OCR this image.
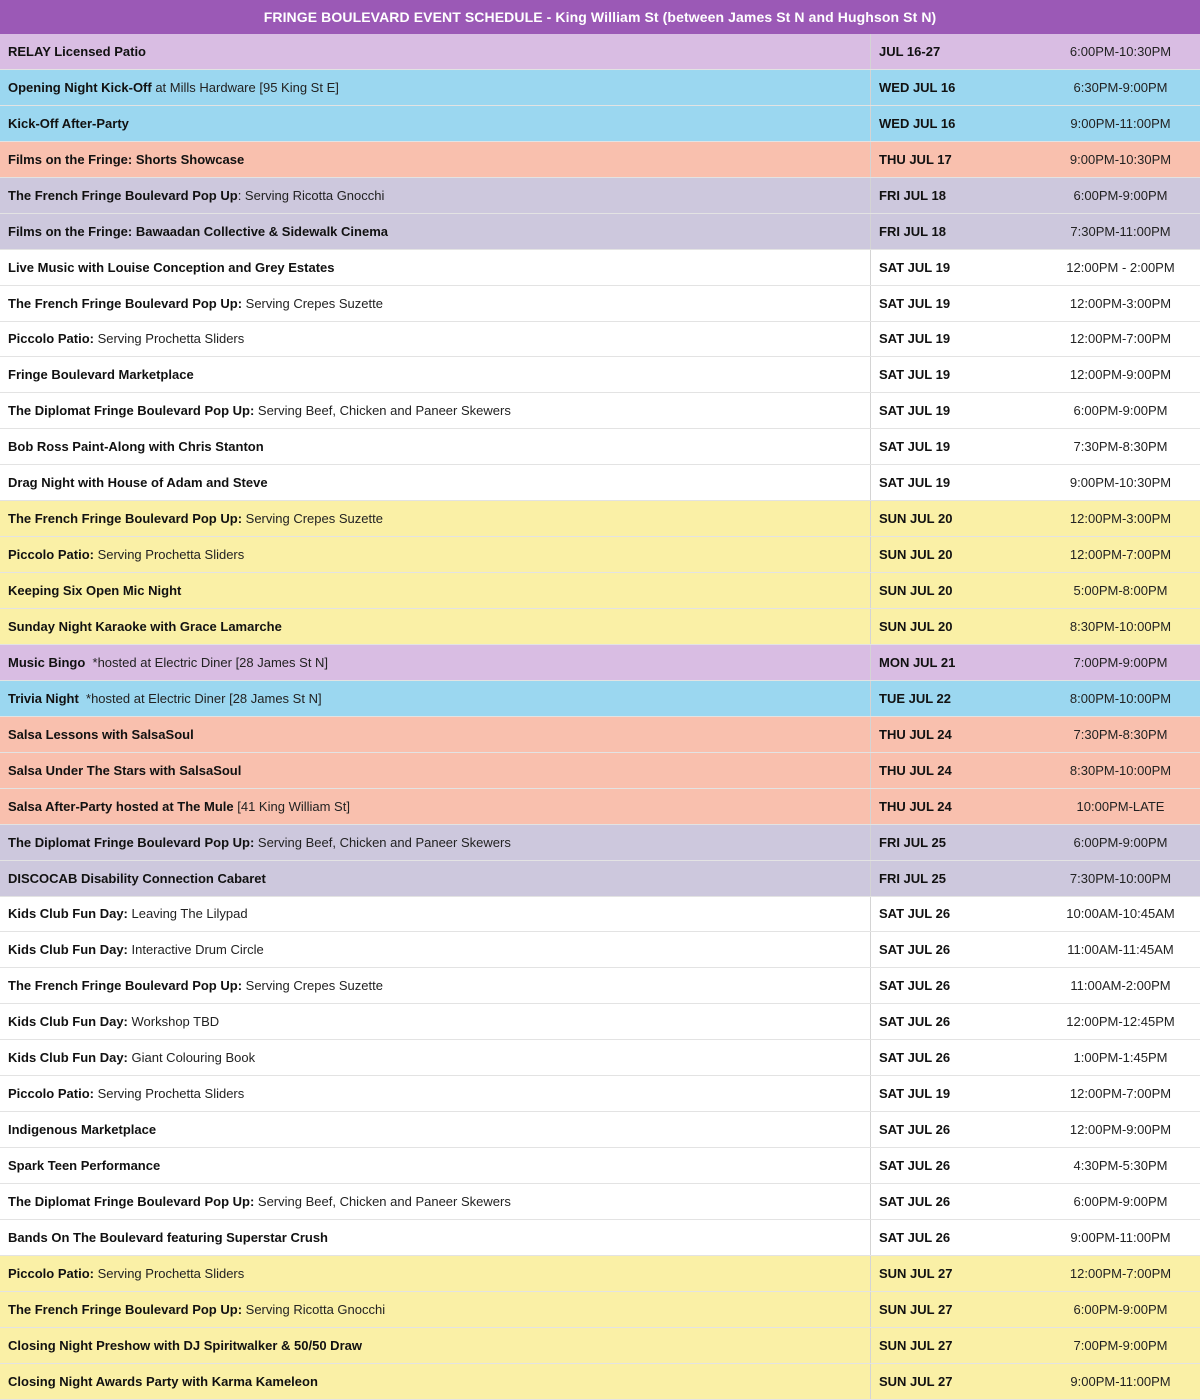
FRINGE BOULEVARD EVENT SCHEDULE - King William St (between James St N and Hughson St N)
RELAY Licensed Patio	JUL 16-27	6:00PM-10:30PM
Opening Night Kick-Off at Mills Hardware [95 King St E]	WED JUL 16	6:30PM-9:00PM
Kick-Off After-Party	WED JUL 16	9:00PM-11:00PM
Films on the Fringe: Shorts Showcase	THU JUL 17	9:00PM-10:30PM
The French Fringe Boulevard Pop Up : Serving Ricotta Gnocchi	FRI JUL 18	6:00PM-9:00PM
Films on the Fringe: Bawaadan Collective & Sidewalk Cinema	FRI JUL 18	7:30PM-11:00PM
Live Music with Louise Conception and Grey Estates	SAT JUL 19	12:00PM - 2:00PM
The French Fringe Boulevard Pop Up: Serving Crepes Suzette	SAT JUL 19	12:00PM-3:00PM
Piccolo Patio: Serving Prochetta Sliders	SAT JUL 19	12:00PM-7:00PM
Fringe Boulevard Marketplace	SAT JUL 19	12:00PM-9:00PM
The Diplomat Fringe Boulevard Pop Up: Serving Beef, Chicken and Paneer Skewers	SAT JUL 19	6:00PM-9:00PM
Bob Ross Paint-Along with Chris Stanton	SAT JUL 19	7:30PM-8:30PM
Drag Night with House of Adam and Steve	SAT JUL 19	9:00PM-10:30PM
The French Fringe Boulevard Pop Up: Serving Crepes Suzette	SUN JUL 20	12:00PM-3:00PM
Piccolo Patio: Serving Prochetta Sliders	SUN JUL 20	12:00PM-7:00PM
Keeping Six Open Mic Night	SUN JUL 20	5:00PM-8:00PM
Sunday Night Karaoke with Grace Lamarche	SUN JUL 20	8:30PM-10:00PM
Music Bingo *hosted at Electric Diner [28 James St N]	MON JUL 21	7:00PM-9:00PM
Trivia Night *hosted at Electric Diner [28 James St N]	TUE JUL 22	8:00PM-10:00PM
Salsa Lessons with SalsaSoul	THU JUL 24	7:30PM-8:30PM
Salsa Under The Stars with SalsaSoul	THU JUL 24	8:30PM-10:00PM
Salsa After-Party hosted at The Mule [41 King William St]	THU JUL 24	10:00PM-LATE
The Diplomat Fringe Boulevard Pop Up: Serving Beef, Chicken and Paneer Skewers	FRI JUL 25	6:00PM-9:00PM
DISCOCAB Disability Connection Cabaret	FRI JUL 25	7:30PM-10:00PM
Kids Club Fun Day: Leaving The Lilypad	SAT JUL 26	10:00AM-10:45AM
Kids Club Fun Day: Interactive Drum Circle	SAT JUL 26	11:00AM-11:45AM
The French Fringe Boulevard Pop Up: Serving Crepes Suzette	SAT JUL 26	11:00AM-2:00PM
Kids Club Fun Day: Workshop TBD	SAT JUL 26	12:00PM-12:45PM
Kids Club Fun Day: Giant Colouring Book	SAT JUL 26	1:00PM-1:45PM
Piccolo Patio: Serving Prochetta Sliders	SAT JUL 19	12:00PM-7:00PM
Indigenous Marketplace	SAT JUL 26	12:00PM-9:00PM
Spark Teen Performance	SAT JUL 26	4:30PM-5:30PM
The Diplomat Fringe Boulevard Pop Up: Serving Beef, Chicken and Paneer Skewers	SAT JUL 26	6:00PM-9:00PM
Bands On The Boulevard featuring Superstar Crush	SAT JUL 26	9:00PM-11:00PM
Piccolo Patio: Serving Prochetta Sliders	SUN JUL 27	12:00PM-7:00PM
The French Fringe Boulevard Pop Up: Serving Ricotta Gnocchi	SUN JUL 27	6:00PM-9:00PM
Closing Night Preshow with DJ Spiritwalker & 50/50 Draw	SUN JUL 27	7:00PM-9:00PM
Closing Night Awards Party with Karma Kameleon	SUN JUL 27	9:00PM-11:00PM
